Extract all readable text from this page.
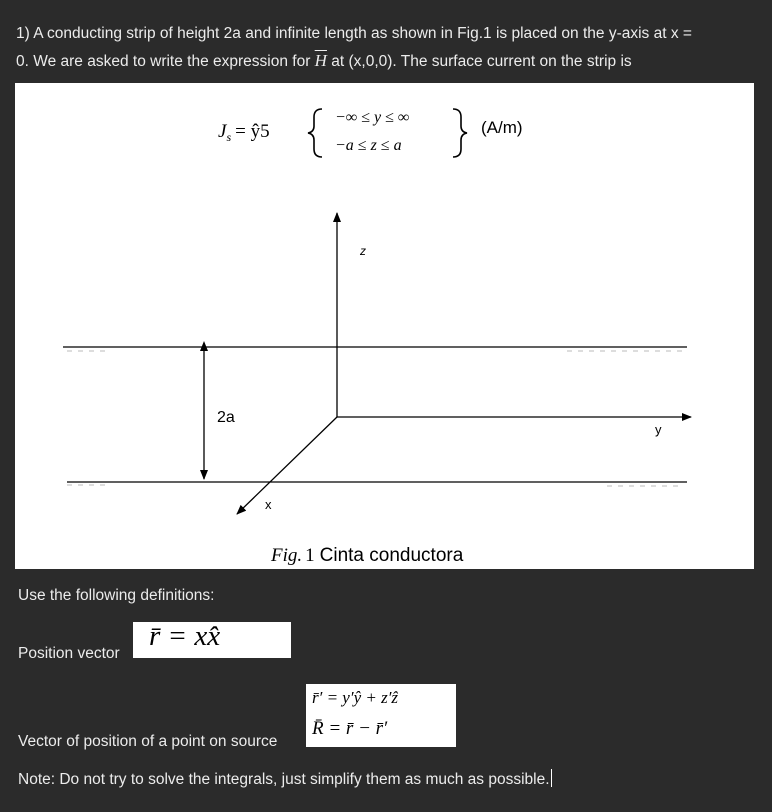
1) A conducting strip of height 2a and infinite length as shown in Fig.1 is placed on the y-axis at x =
0. We are asked to write the expression for $\overline{H}$ at (x,0,0). The surface current on the strip is

$J_s$ = ŷ5
−∞ ≤ y ≤ ∞
−a ≤ z ≤ a
(A/m)
z
y
x
2a
Fig. 1 Cinta conductora

Use the following definitions:

Position vector

r̄ = xx̂
r̄′ = y′ŷ + z′ẑ
R̄ = r̄ − r̄′

Vector of position of a point on source

Note: Do not try to solve the integrals, just simplify them as much as possible.
